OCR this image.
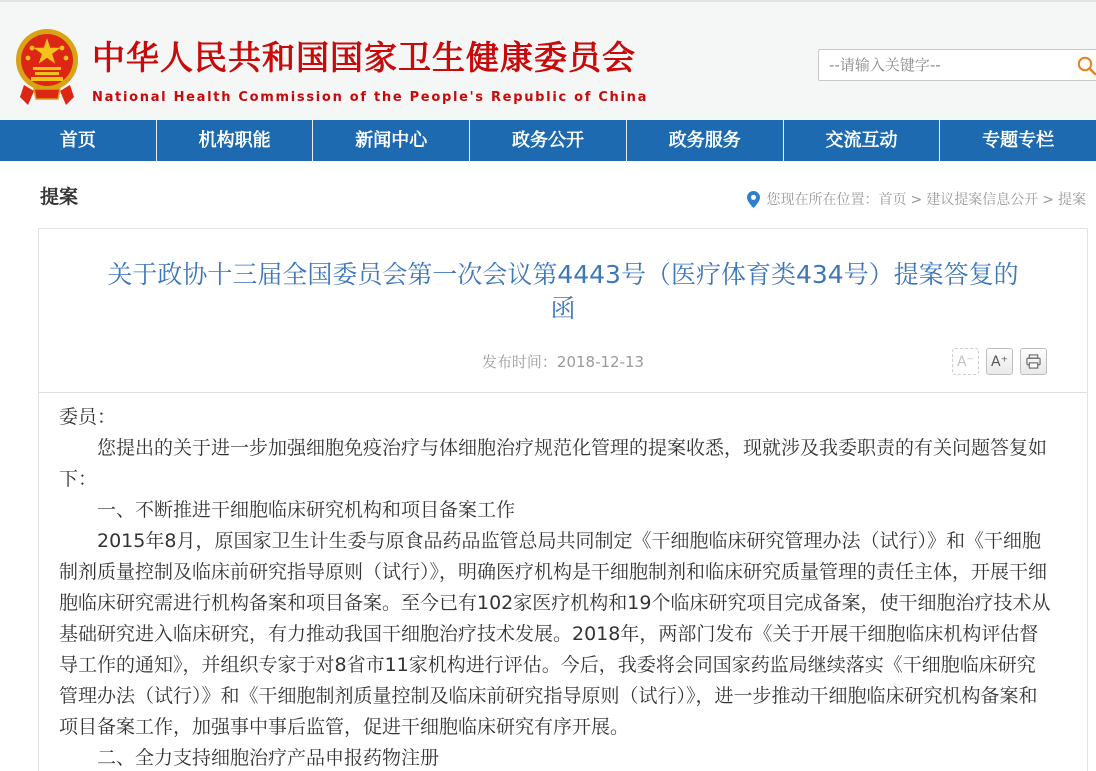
中华人民共和国国家卫生健康委员会
National Health Commission of the People's Republic of China
--请输入关键字--
首页	机构职能	新闻中心	政务公开	政务服务	交流互动	专题专栏
提案	您现在所在位置： 首页 > 建议提案信息公开 > 提案
关于政协十三届全国委员会第一次会议第4443号（医疗体育类434号）提案答复的函
发布时间：2018-12-13	A⁻	A⁺

委员：

您提出的关于进一步加强细胞免疫治疗与体细胞治疗规范化管理的提案收悉，现就涉及我委职责的有关问题答复如下：

一、不断推进干细胞临床研究机构和项目备案工作

2015年8月，原国家卫生计生委与原食品药品监管总局共同制定《干细胞临床研究管理办法（试行）》和《干细胞制剂质量控制及临床前研究指导原则（试行）》，明确医疗机构是干细胞制剂和临床研究质量管理的责任主体，开展干细胞临床研究需进行机构备案和项目备案。至今已有102家医疗机构和19个临床研究项目完成备案，使干细胞治疗技术从基础研究进入临床研究，有力推动我国干细胞治疗技术发展。2018年，两部门发布《关于开展干细胞临床机构评估督导工作的通知》，并组织专家于对8省市11家机构进行评估。今后，我委将会同国家药监局继续落实《干细胞临床研究管理办法（试行）》和《干细胞制剂质量控制及临床前研究指导原则（试行）》，进一步推动干细胞临床研究机构备案和项目备案工作，加强事中事后监管，促进干细胞临床研究有序开展。

二、全力支持细胞治疗产品申报药物注册
